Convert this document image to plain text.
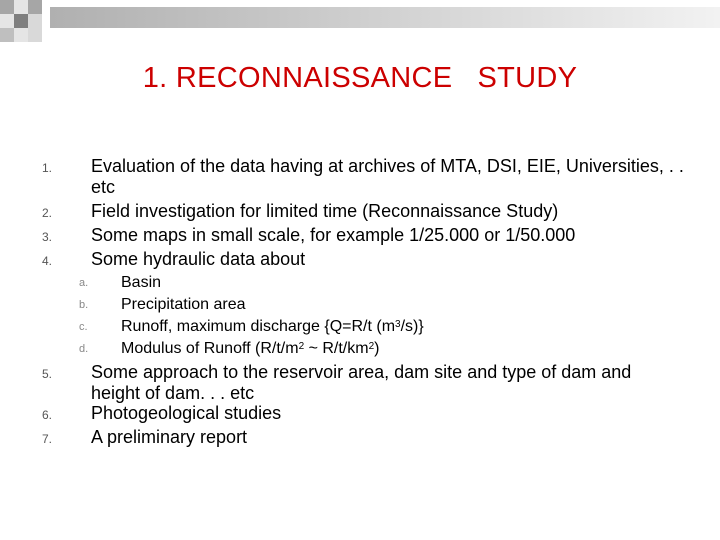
1. RECONNAISSANCE   STUDY
1. Evaluation of the data having at archives of MTA, DSI, EIE, Universities, . . etc
2. Field investigation for limited time (Reconnaissance Study)
3. Some maps in small scale, for example 1/25.000 or 1/50.000
4. Some hydraulic data about
a. Basin
b. Precipitation area
c. Runoff, maximum discharge {Q=R/t $(m^3/s)$}
d. Modulus of Runoff ($R/t/m^2$ ~ $R/t/km^2$)
5. Some approach to the reservoir area, dam site and type of dam and height of dam. . . etc
6. Photogeological studies
7. A preliminary report
